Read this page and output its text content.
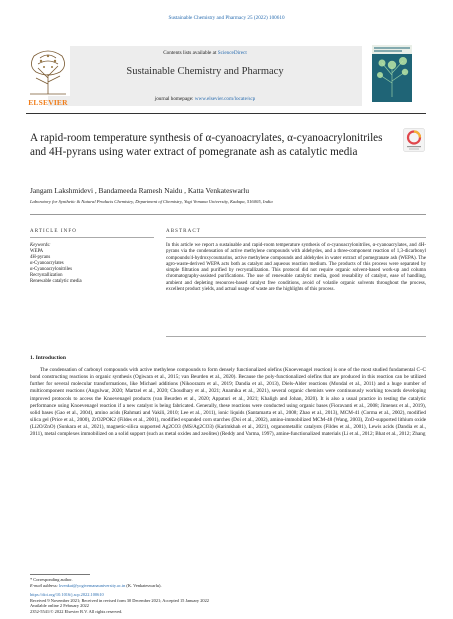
Sustainable Chemistry and Pharmacy 25 (2022) 100610
ELSEVIER
Contents lists available at ScienceDirect
Sustainable Chemistry and Pharmacy
journal homepage: www.elsevier.com/locate/scp
A rapid-room temperature synthesis of α-cyanoacrylates, α-cyanoacrylonitriles and 4H-pyrans using water extract of pomegranate ash as catalytic media
Jangam Lakshmidevi , Bandameeda Ramesh Naidu , Katta Venkateswarlu
Laboratory for Synthetic & Natural Products Chemistry, Department of Chemistry, Yogi Vemana University, Kadapa, 516005, India
ARTICLE INFO	ABSTRACT
Keywords:
WEPA
4H-pyrans
α-Cyanoacrylates
α-Cyanoacrylonitriles
Recrystallization
Renewable catalytic media
In this article we report a sustainable and rapid-room temperature synthesis of α-cyanoacrylonitriles, α-cyanoacrylates, and 4H-pyrans via the condensation of active methylene compounds with aldehydes, and a three-component reaction of 1,3-dicarbonyl compounds/4-hydroxycoumarins, active methylene compounds and aldehydes in water extract of pomegranate ash (WEPA). The agro-waste-derived WEPA acts both as catalyst and aqueous reaction medium. The products of this process were separated by simple filtration and purified by recrystallization. This protocol did not require organic solvent-based work-up and column chromatography-assisted purifications. The use of renewable catalytic media, good reusability of catalyst, ease of handling, ambient and depleting resources-based catalyst free conditions, avoid of volatile organic solvents throughout the process, excellent product yields, and actual usage of waste are the highlights of this process.
1. Introduction
The condensation of carbonyl compounds with active methylene compounds to form densely functionalized olefins (Knoevenagel reaction) is one of the most studied fundamental C–C bond constructing reactions in organic synthesis (Ogiwara et al., 2015; van Beurden et al., 2020). Because the poly-functionalized olefins that are produced in this reaction can be utilized further for several molecular transformations, like Michael additions (Nikoorazm et al., 2019; Dandia et al., 2013), Diels-Alder reactions (Mondal et al., 2011) and a huge number of multicomponent reactions (Angulwar, 2020; Martzel et al., 2020; Choudhary et al., 2021; Anamika et al., 2021), several organic chemists were continuously working towards developing improved protocols to access the Knoevenagel products (van Beurden et al., 2020; Appaturi et al., 2021; Khaligh and Johan, 2020). It is also a usual practice in testing the catalytic performance using Knoevenagel reaction if a new catalyst is being fabricated. Generally, these reactions were conducted using organic bases (Fioravanti et al., 2008; Jimenez et al., 2019), solid bases (Gao et al., 2004), amino acids (Rahmati and Vakili, 2010; Lee et al., 2011), ionic liquids (Santamarta et al., 2008; Zhao et al., 2013), MCM-41 (Corma et al., 2002), modified silica gel (Price et al., 2000), ZrO2POK2 (Fildes et al., 2001), modified expanded corn starches (Doi et al., 2002), amino-immobilized MCM-48 (Wang, 2003), ZnO-supported lithium oxide (Li2O/ZnO) (Sunkara et al., 2021), magnetic-silica supported Ag2CO3 (MS/Ag2CO3) (Karimkhah et al., 2021), organometallic catalysts (Fildes et al., 2001), Lewis acids (Dandia et al., 2011), metal complexes immobilized on a solid support (such as metal oxides and zeolites) (Reddy and Varma, 1997), amine-functionalized materials (Li et al., 2012; Bhat et al., 2012; Zhang
* Corresponding author.
E-mail address: kvenkat@yogivemanauniversity.ac.in (K. Venkateswarlu).
https://doi.org/10.1016/j.scp.2022.100610
Received 9 November 2021; Received in revised form 30 December 2021; Accepted 15 January 2022
Available online 2 February 2022
2352-5541/© 2022 Elsevier B.V. All rights reserved.
